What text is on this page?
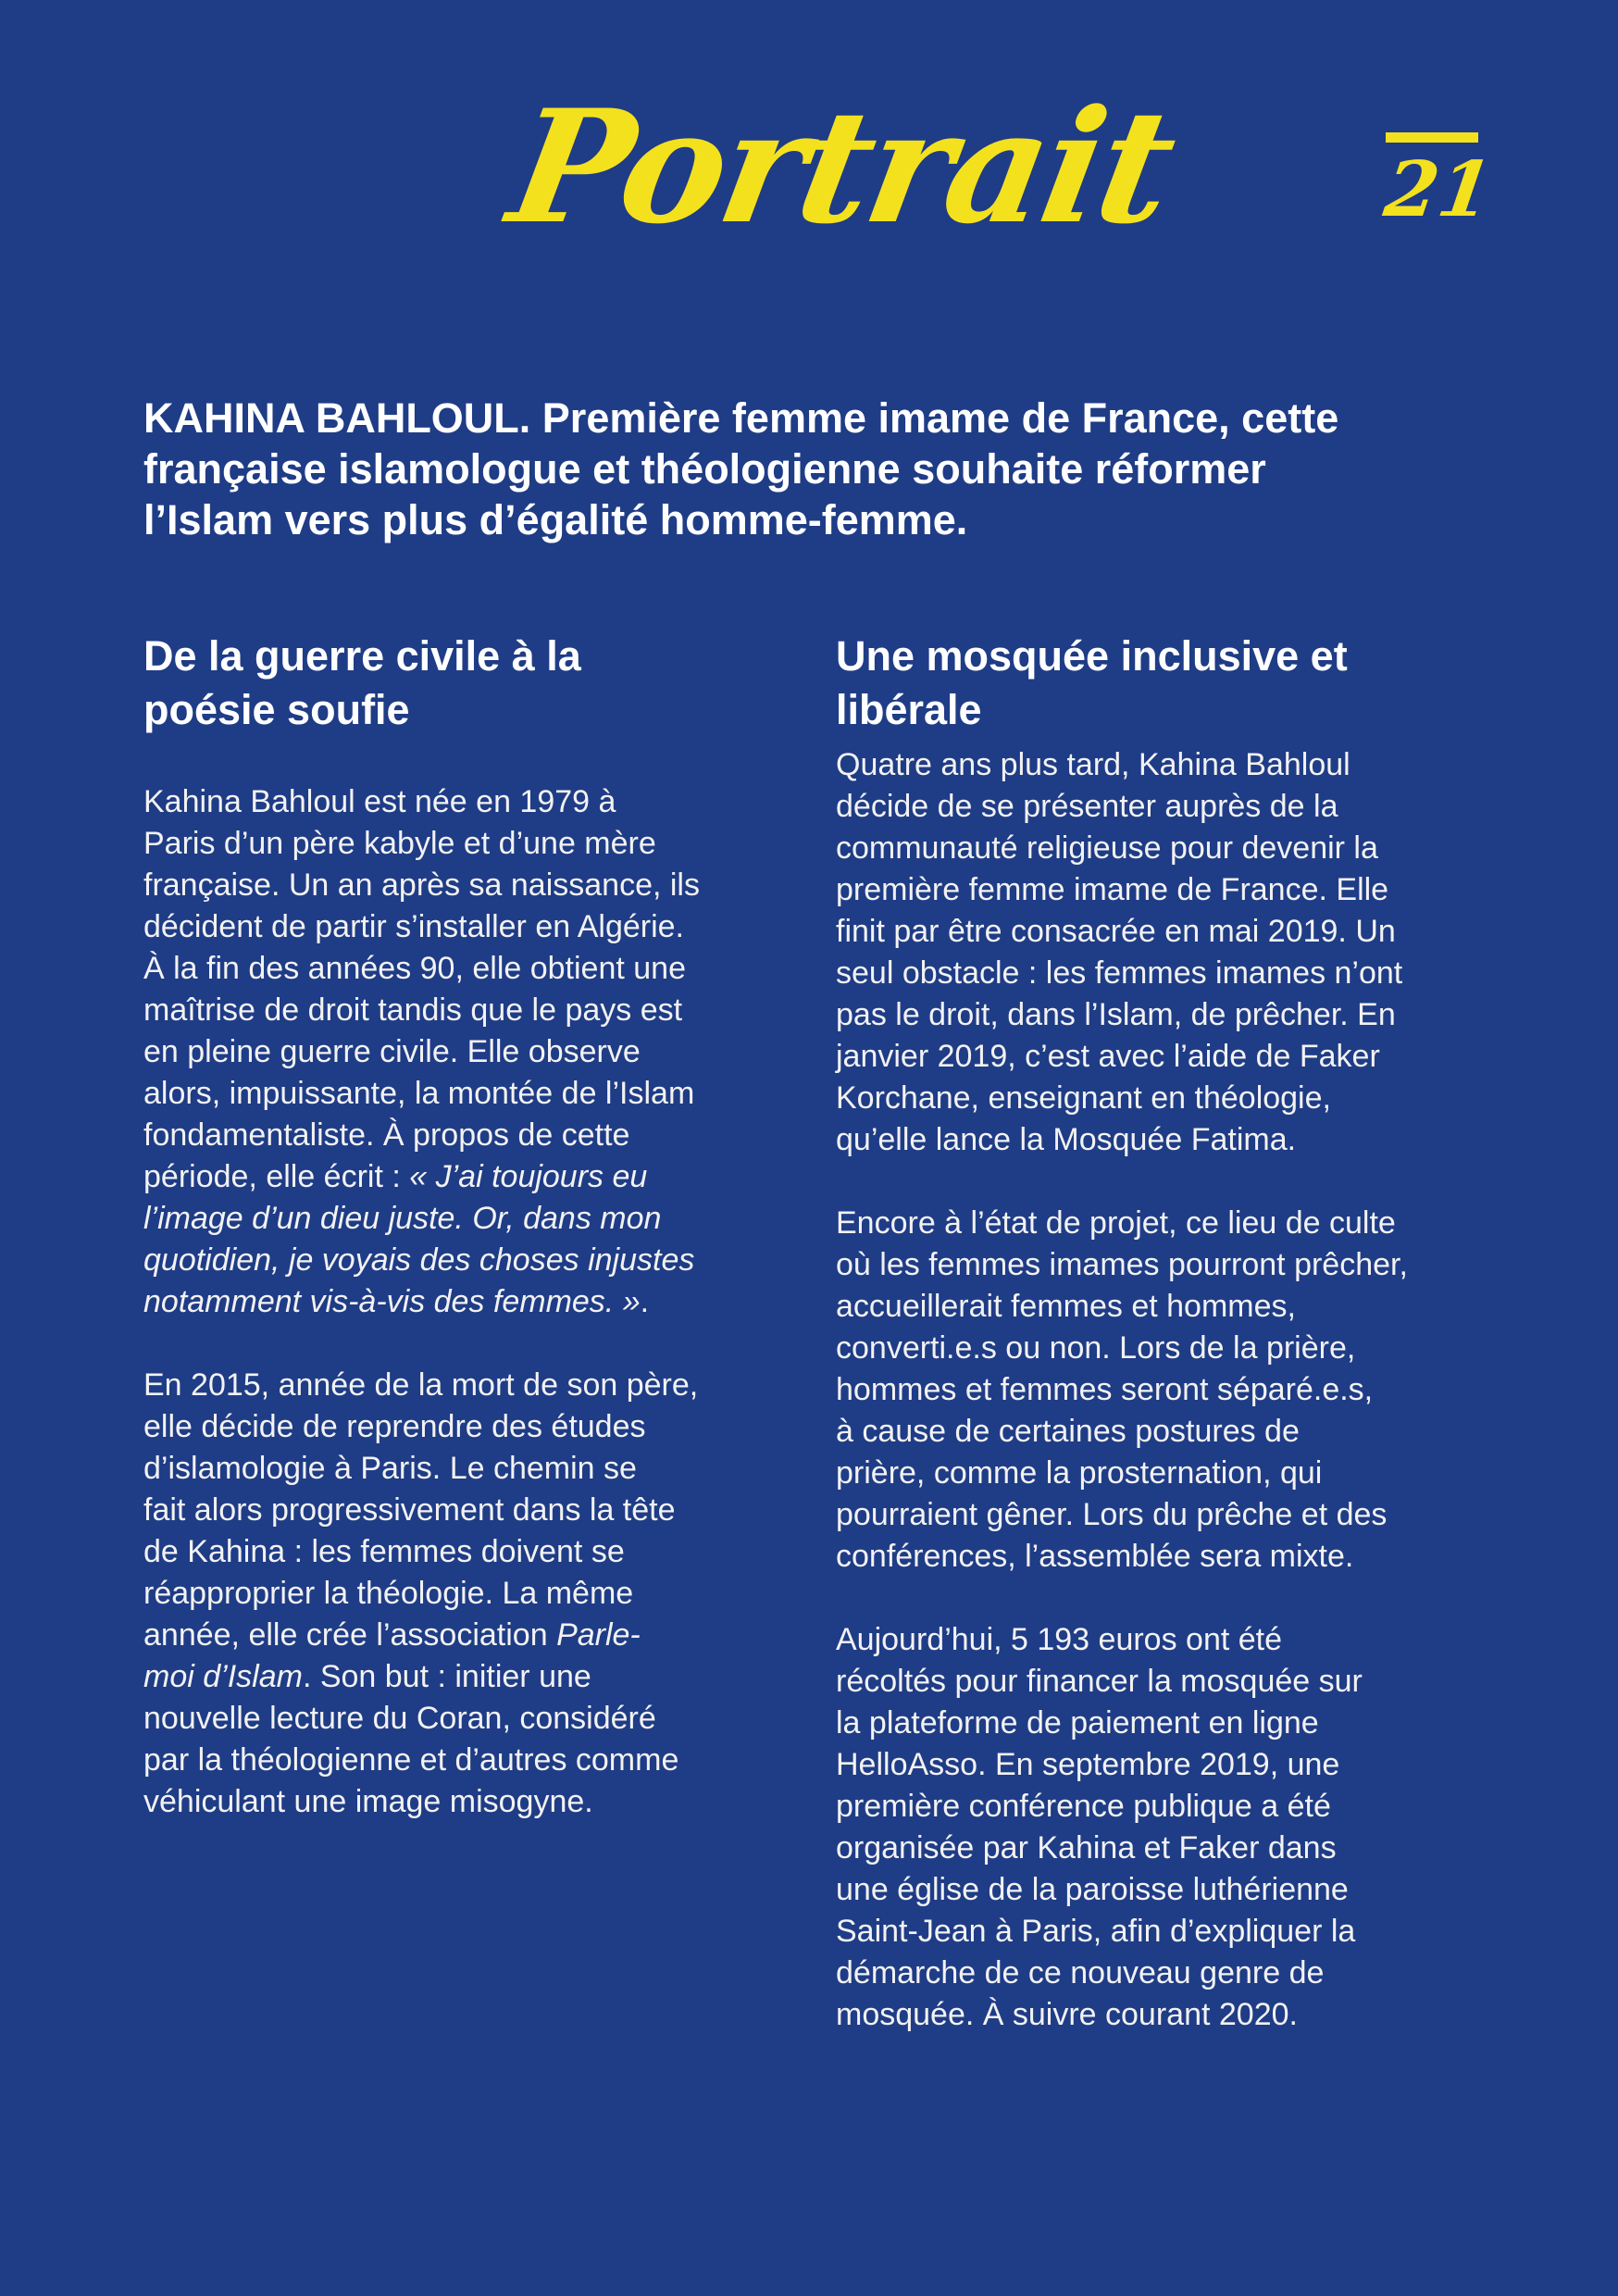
Portrait	21
KAHINA BAHLOUL. Première femme imame de France, cette
française islamologue et théologienne souhaite réformer
l’Islam vers plus d’égalité homme-femme.
De la guerre civile à la
poésie soufie
Kahina Bahloul est née en 1979 à
Paris d’un père kabyle et d’une mère
française. Un an après sa naissance, ils
décident de partir s’installer en Algérie.
À la fin des années 90, elle obtient une
maîtrise de droit tandis que le pays est
en pleine guerre civile. Elle observe
alors, impuissante, la montée de l’Islam
fondamentaliste. À propos de cette
période, elle écrit : « J’ai toujours eu
l’image d’un dieu juste. Or, dans mon
quotidien, je voyais des choses injustes
notamment vis-à-vis des femmes. ».
En 2015, année de la mort de son père,
elle décide de reprendre des études
d’islamologie à Paris. Le chemin se
fait alors progressivement dans la tête
de Kahina : les femmes doivent se
réapproprier la théologie. La même
année, elle crée l’association Parle-
moi d’Islam. Son but : initier une
nouvelle lecture du Coran, considéré
par la théologienne et d’autres comme
véhiculant une image misogyne.
Une mosquée inclusive et
libérale
Quatre ans plus tard, Kahina Bahloul
décide de se présenter auprès de la
communauté religieuse pour devenir la
première femme imame de France. Elle
finit par être consacrée en mai 2019. Un
seul obstacle : les femmes imames n’ont
pas le droit, dans l’Islam, de prêcher. En
janvier 2019, c’est avec l’aide de Faker
Korchane, enseignant en théologie,
qu’elle lance la Mosquée Fatima.
Encore à l’état de projet, ce lieu de culte
où les femmes imames pourront prêcher,
accueillerait femmes et hommes,
converti.e.s ou non. Lors de la prière,
hommes et femmes seront séparé.e.s,
à cause de certaines postures de
prière, comme la prosternation, qui
pourraient gêner. Lors du prêche et des
conférences, l’assemblée sera mixte.
Aujourd’hui, 5 193 euros ont été
récoltés pour financer la mosquée sur
la plateforme de paiement en ligne
HelloAsso. En septembre 2019, une
première conférence publique a été
organisée par Kahina et Faker dans
une église de la paroisse luthérienne
Saint-Jean à Paris, afin d’expliquer la
démarche de ce nouveau genre de
mosquée. À suivre courant 2020.
